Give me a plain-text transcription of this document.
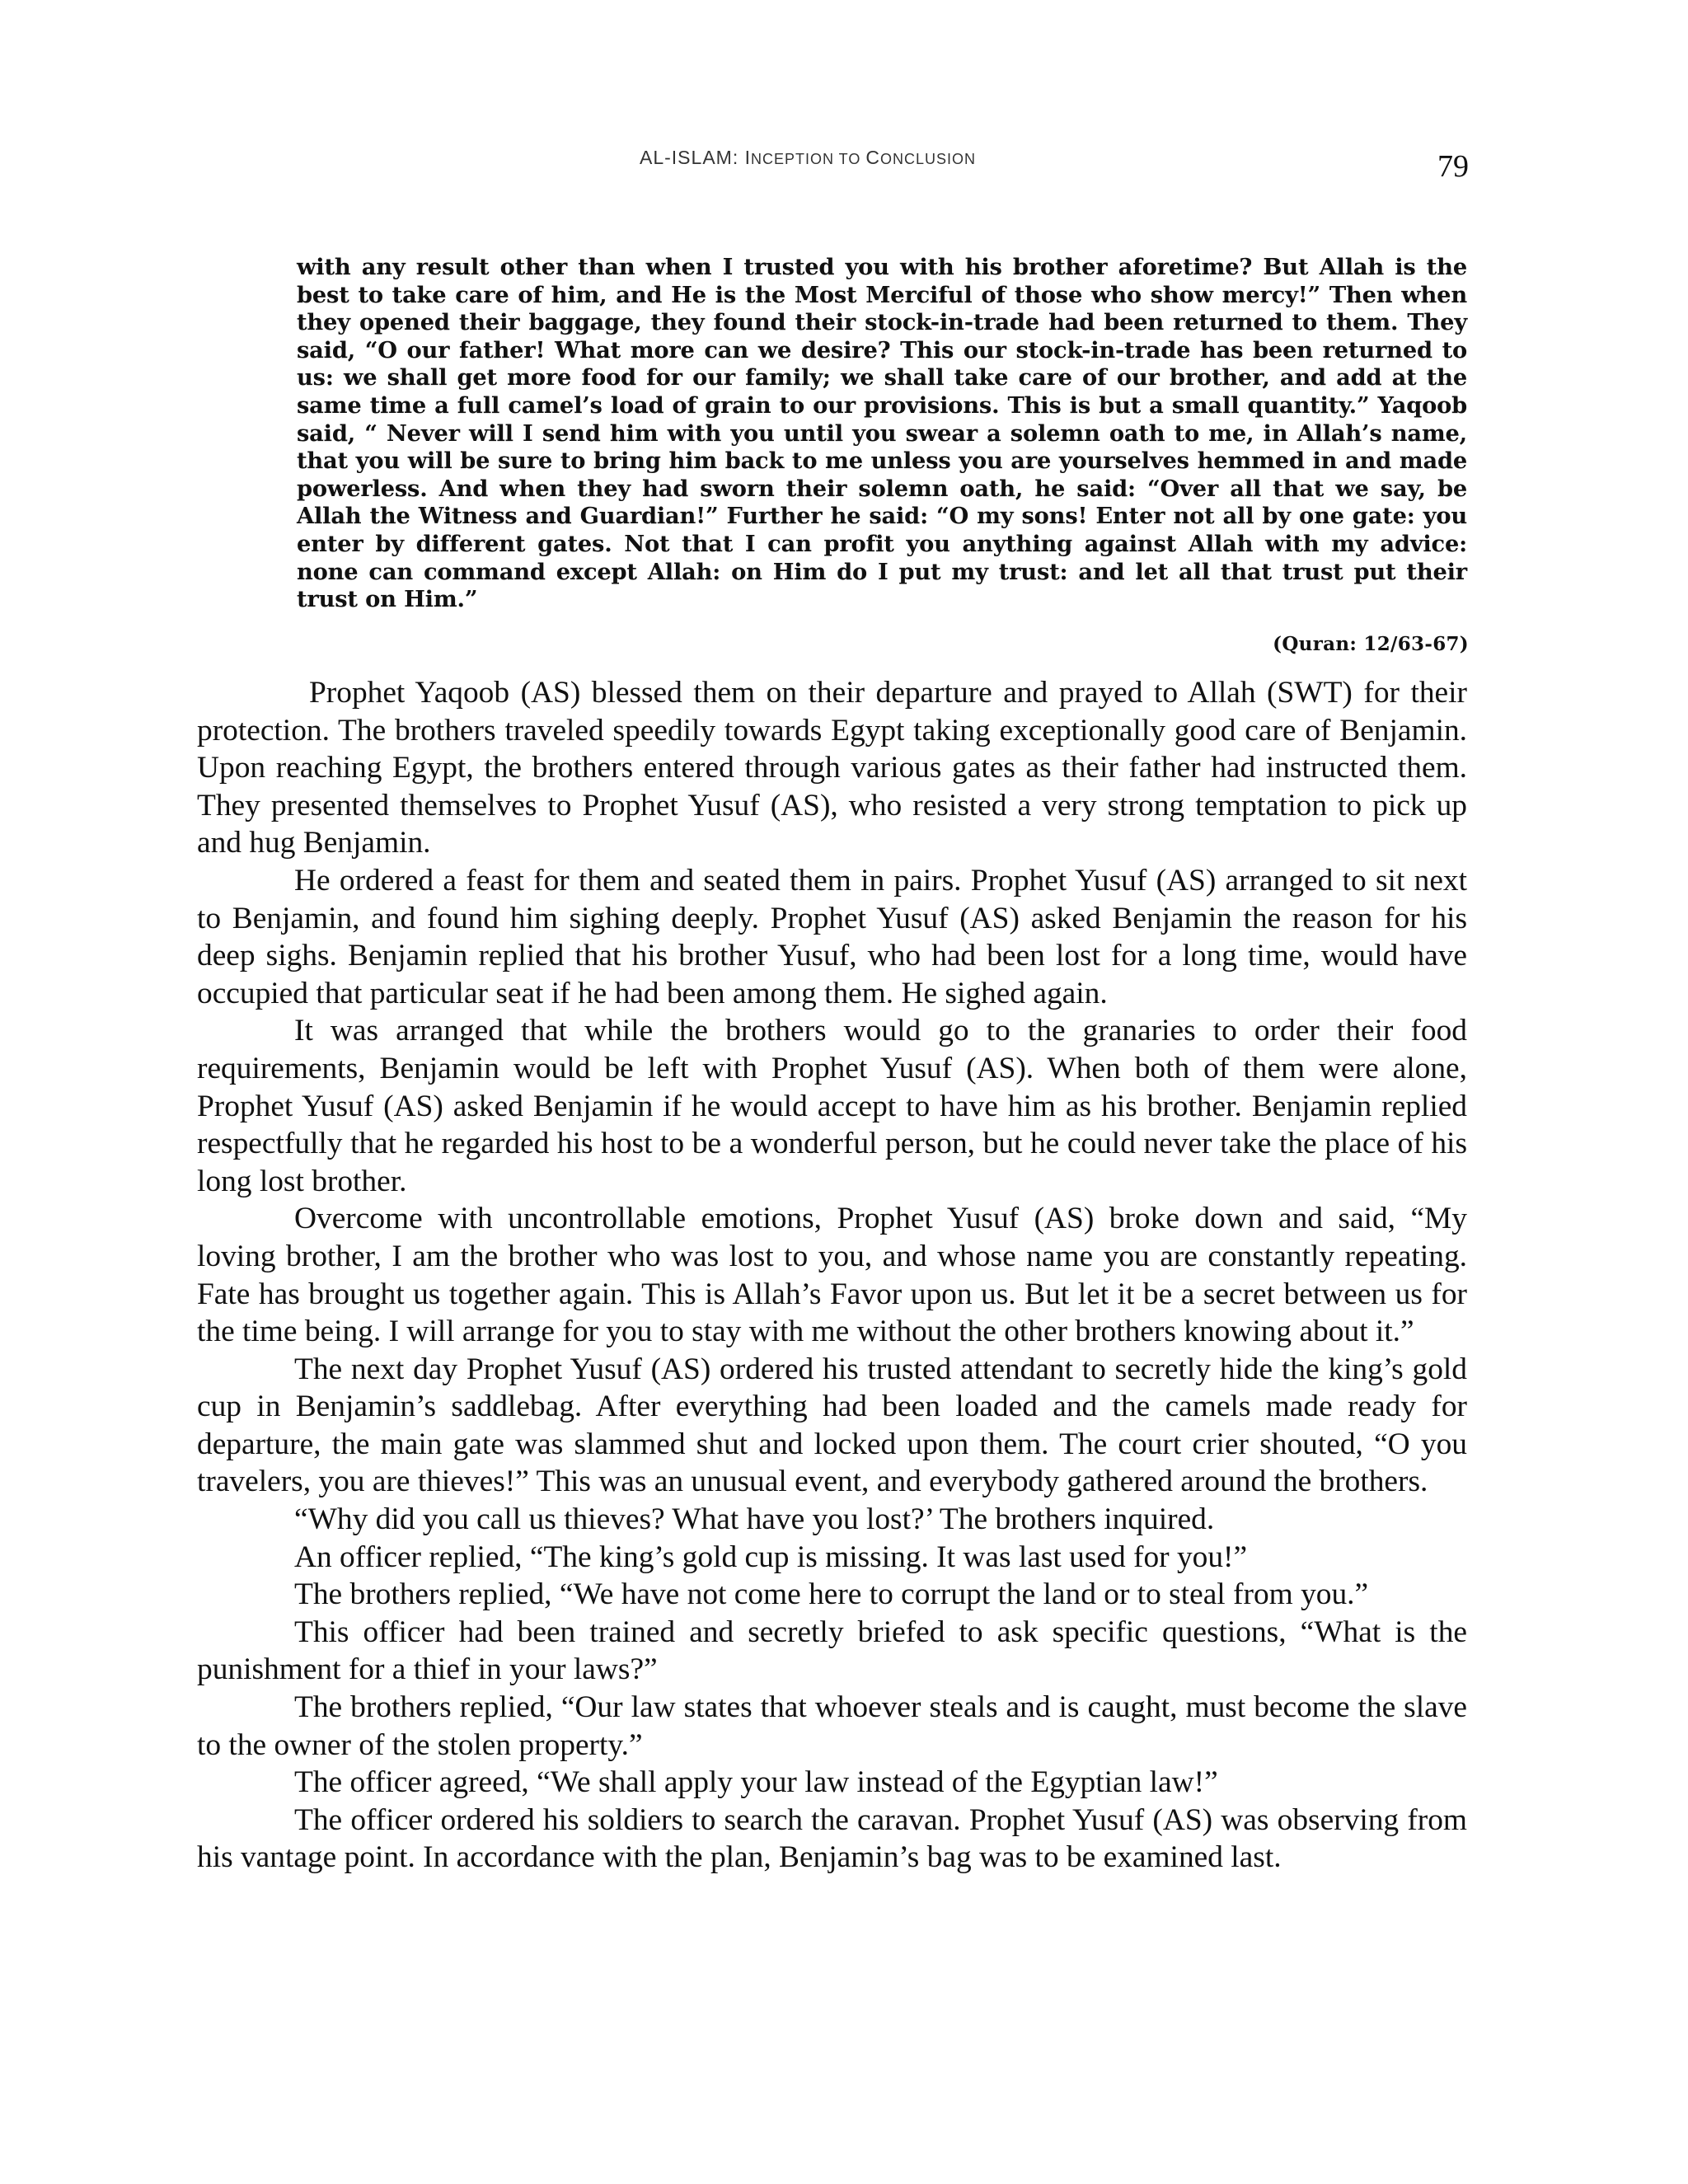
AL-ISLAM: INCEPTION TO CONCLUSION	79

with any result other than when I trusted you with his brother aforetime? But Allah is the best to take care of him, and He is the Most Merciful of those who show mercy!” Then when they opened their baggage, they found their stock-in-trade had been returned to them. They said, “O our father! What more can we desire? This our stock-in-trade has been returned to us: we shall get more food for our family; we shall take care of our brother, and add at the same time a full camel’s load of grain to our provisions. This is but a small quantity.” Yaqoob said, “ Never will I send him with you until you swear a solemn oath to me, in Allah’s name, that you will be sure to bring him back to me unless you are yourselves hemmed in and made powerless. And when they had sworn their solemn oath, he said: “Over all that we say, be Allah the Witness and Guardian!” Further he said: “O my sons! Enter not all by one gate: you enter by different gates. Not that I can profit you anything against Allah with my advice: none can command except Allah: on Him do I put my trust: and let all that trust put their trust on Him.”

(Quran: 12/63-67)

Prophet Yaqoob (AS) blessed them on their departure and prayed to Allah (SWT) for their protection. The brothers traveled speedily towards Egypt taking exceptionally good care of Benjamin. Upon reaching Egypt, the brothers entered through various gates as their father had instructed them. They presented themselves to Prophet Yusuf (AS), who resisted a very strong temptation to pick up and hug Benjamin.

He ordered a feast for them and seated them in pairs. Prophet Yusuf (AS) arranged to sit next to Benjamin, and found him sighing deeply. Prophet Yusuf (AS) asked Benjamin the reason for his deep sighs. Benjamin replied that his brother Yusuf, who had been lost for a long time, would have occupied that particular seat if he had been among them. He sighed again.

It was arranged that while the brothers would go to the granaries to order their food requirements, Benjamin would be left with Prophet Yusuf (AS). When both of them were alone, Prophet Yusuf (AS) asked Benjamin if he would accept to have him as his brother. Benjamin replied respectfully that he regarded his host to be a wonderful person, but he could never take the place of his long lost brother.

Overcome with uncontrollable emotions, Prophet Yusuf (AS) broke down and said, “My loving brother, I am the brother who was lost to you, and whose name you are constantly repeating. Fate has brought us together again. This is Allah’s Favor upon us. But let it be a secret between us for the time being. I will arrange for you to stay with me without the other brothers knowing about it.”

The next day Prophet Yusuf (AS) ordered his trusted attendant to secretly hide the king’s gold cup in Benjamin’s saddlebag. After everything had been loaded and the camels made ready for departure, the main gate was slammed shut and locked upon them. The court crier shouted, “O you travelers, you are thieves!” This was an unusual event, and everybody gathered around the brothers.

“Why did you call us thieves? What have you lost?’ The brothers inquired.

An officer replied, “The king’s gold cup is missing. It was last used for you!”

The brothers replied, “We have not come here to corrupt the land or to steal from you.”

This officer had been trained and secretly briefed to ask specific questions, “What is the punishment for a thief in your laws?”

The brothers replied, “Our law states that whoever steals and is caught, must become the slave to the owner of the stolen property.”

The officer agreed, “We shall apply your law instead of the Egyptian law!”

The officer ordered his soldiers to search the caravan. Prophet Yusuf (AS) was observing from his vantage point. In accordance with the plan, Benjamin’s bag was to be examined last.
